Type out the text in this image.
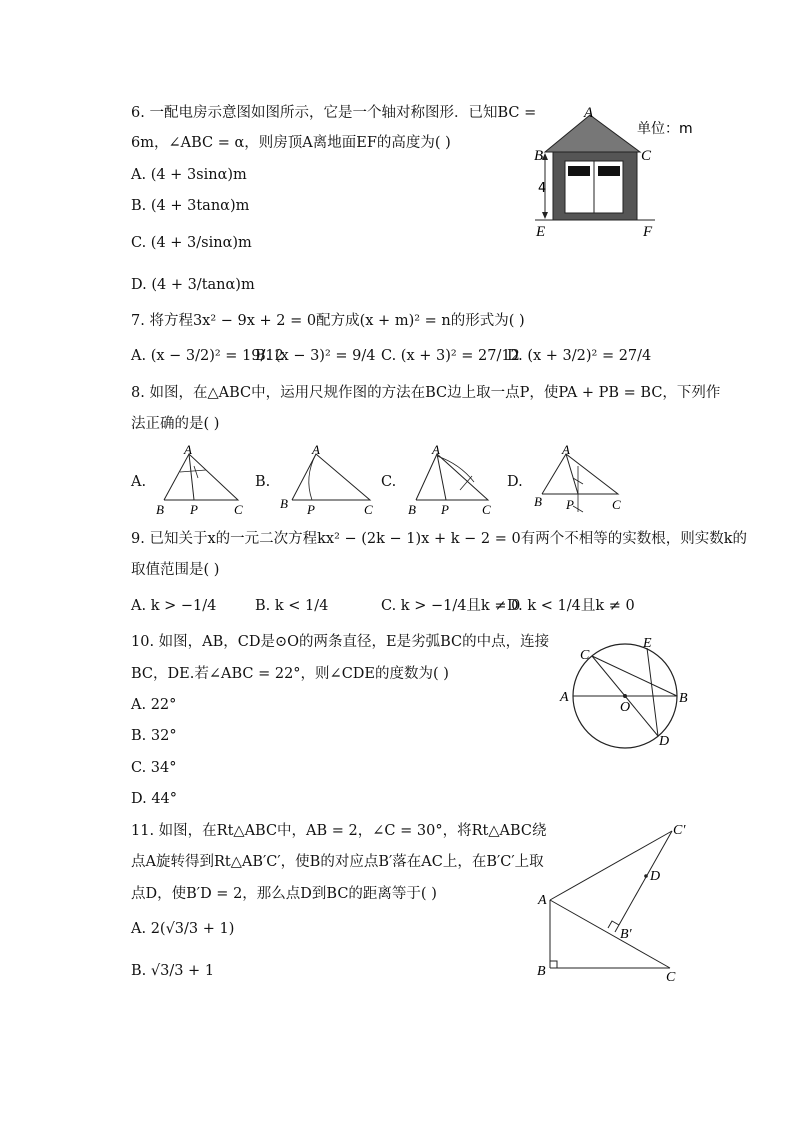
6. 一配电房示意图如图所示，它是一个轴对称图形．已知BC =
6m，∠ABC = α，则房顶A离地面EF的高度为( )
A. (4 + 3sinα)m
B. (4 + 3tanα)m
C. (4 + 3/sinα)m
D. (4 + 3/tanα)m
A
B	C
E	F
4
单位：m
7. 将方程3x² − 9x + 2 = 0配方成(x + m)² = n的形式为( )
A. (x − 3/2)² = 19/12
B. (x − 3)² = 9/4 C. (x + 3)² = 27/12
D. (x + 3/2)² = 27/4
8. 如图，在△ABC中，运用尺规作图的方法在BC边上取一点P，使PA + PB = BC，下列作
法正确的是( )
A.
A
B P	C
B.
A
B P	C
C.
A
B P	C
D.
A
B P	C
9. 已知关于x的一元二次方程kx² − (2k − 1)x + k − 2 = 0有两个不相等的实数根，则实数k的
取值范围是( )
A. k > −1/4	B. k < 1/4	C. k > −1/4且k ≠ 0
D. k < 1/4且k ≠ 0
10. 如图，AB，CD是⊙O的两条直径，E是劣弧BC的中点，连接
BC，DE.若∠ABC = 22°，则∠CDE的度数为( )
A. 22°
B. 32°
C. 34°
D. 44°
C
E
A
O
B
D
11. 如图，在Rt△ABC中，AB = 2，∠C = 30°，将Rt△ABC绕
点A旋转得到Rt△AB′C′，使B的对应点B′落在AC上，在B′C′上取
点D，使B′D = 2，那么点D到BC的距离等于( )
A. 2(√3/3 + 1)
B. √3/3 + 1
C′
D
A
B′
B	C
